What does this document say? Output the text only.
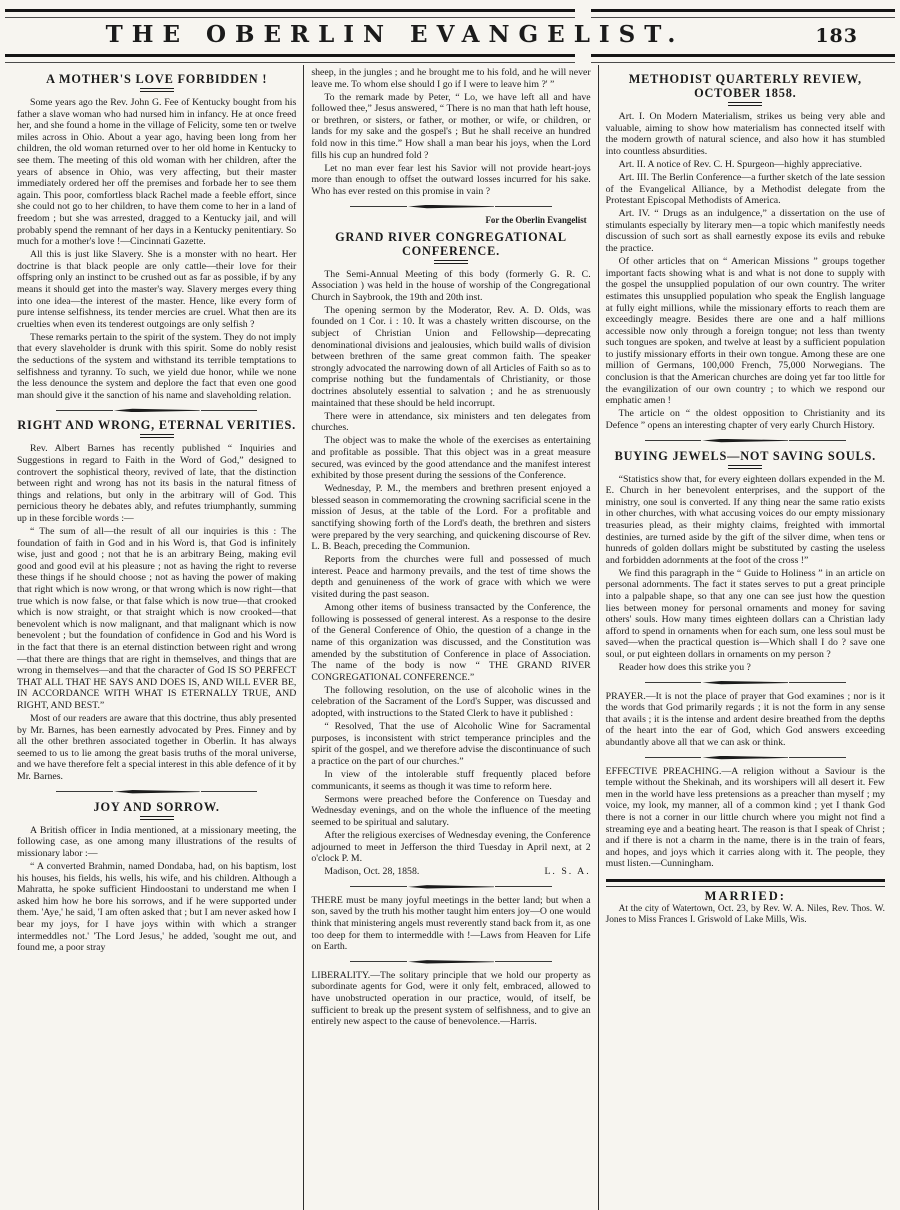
THE OBERLIN EVANGELIST.	183
A MOTHER'S LOVE FORBIDDEN !

Some years ago the Rev. John G. Fee of Kentucky bought from his father a slave woman who had nursed him in infancy. He at once freed her, and she found a home in the village of Felicity, some ten or twelve miles across in Ohio. About a year ago, having been long from her children, the old woman returned over to her old home in Kentucky to see them. The meeting of this old woman with her children, after the years of absence in Ohio, was very affecting, but their master immediately ordered her off the premises and forbade her to see them again. This poor, comfortless black Rachel made a feeble effort, since she could not go to her children, to have them come to her in a land of freedom ; but she was arrested, dragged to a Kentucky jail, and will probably spend the remnant of her days in a Kentucky penitentiary. So much for a mother's love !—Cincinnati Gazette.

All this is just like Slavery. She is a monster with no heart. Her doctrine is that black people are only cattle—their love for their offspring only an instinct to be crushed out as far as possible, if by any means it should get into the master's way. Slavery merges every thing into one idea—the interest of the master. Hence, like every form of pure intense selfishness, its tender mercies are cruel. What then are its cruelties when even its tenderest outgoings are only selfish ?

These remarks pertain to the spirit of the system. They do not imply that every slaveholder is drunk with this spirit. Some do nobly resist the seductions of the system and withstand its terrible temptations to selfishness and tyranny. To such, we yield due honor, while we none the less denounce the system and deplore the fact that even one good man should give it the sanction of his name and slaveholding relation.

RIGHT AND WRONG, ETERNAL VERITIES.

Rev. Albert Barnes has recently published “ Inquiries and Suggestions in regard to Faith in the Word of God,” designed to controvert the sophistical theory, revived of late, that the distinction between right and wrong has not its basis in the natural fitness of things and relations, but only in the arbitrary will of God. This pernicious theory he debates ably, and refutes triumphantly, summing up in these forcible words :—

“ The sum of all—the result of all our inquiries is this : The foundation of faith in God and in his Word is, that God is infinitely wise, just and good ; not that he is an arbitrary Being, making evil good and good evil at his pleasure ; not as having the right to reverse these things if he should choose ; not as having the power of making that right which is now wrong, or that wrong which is now right—that true which is now false, or that false which is now true—that crooked which is now straight, or that straight which is now crooked—that benevolent which is now malignant, and that malignant which is now benevolent ; but the foundation of confidence in God and his Word is in the fact that there is an eternal distinction between right and wrong—that there are things that are right in themselves, and things that are wrong in themselves—and that the character of God IS SO PERFECT THAT ALL THAT HE SAYS AND DOES IS, AND WILL EVER BE, IN ACCORDANCE WITH WHAT IS ETERNALLY TRUE, AND RIGHT, AND BEST.”

Most of our readers are aware that this doctrine, thus ably presented by Mr. Barnes, has been earnestly advocated by Pres. Finney and by all the other brethren associated together in Oberlin. It has always seemed to us to lie among the great basis truths of the moral universe, and we have therefore felt a special interest in this able defence of it by Mr. Barnes.

JOY AND SORROW.

A British officer in India mentioned, at a missionary meeting, the following case, as one among many illustrations of the results of missionary labor :—

“ A converted Brahmin, named Dondaba, had, on his baptism, lost his houses, his fields, his wells, his wife, and his children. Although a Mahratta, he spoke sufficient Hindoostani to understand me when I asked him how he bore his sorrows, and if he were supported under them. 'Aye,' he said, 'I am often asked that ; but I am never asked how I bear my joys, for I have joys within with which a stranger intermeddles not.' 'The Lord Jesus,' he added, 'sought me out, and found me, a poor stray

sheep, in the jungles ; and he brought me to his fold, and he will never leave me. To whom else should I go if I were to leave him ?' ”

To the remark made by Peter, “ Lo, we have left all and have followed thee,” Jesus answered, “ There is no man that hath left house, or brethren, or sisters, or father, or mother, or wife, or children, or lands for my sake and the gospel's ; But he shall receive an hundred fold now in this time.” How shall a man bear his joys, when the Lord fills his cup an hundred fold ?

Let no man ever fear lest his Savior will not provide heart-joys more than enough to offset the outward losses incurred for his sake. Who has ever rested on this promise in vain ?

For the Oberlin Evangelist

GRAND RIVER CONGREGATIONAL CONFERENCE.

The Semi-Annual Meeting of this body (formerly G. R. C. Association ) was held in the house of worship of the Congregational Church in Saybrook, the 19th and 20th inst.

The opening sermon by the Moderator, Rev. A. D. Olds, was founded on 1 Cor. i : 10. It was a chastely written discourse, on the subject of Christian Union and Fellowship—deprecating denominational divisions and jealousies, which build walls of division between brethren of the same great common faith. The speaker strongly advocated the narrowing down of all Articles of Faith so as to comprise nothing but the fundamentals of Christianity, or those doctrines absolutely essential to salvation ; and he as strenuously maintained that these should be held incorrupt.

There were in attendance, six ministers and ten delegates from churches.

The object was to make the whole of the exercises as entertaining and profitable as possible. That this object was in a great measure secured, was evinced by the good attendance and the manifest interest exhibited by those present during the sessions of the Conference.

Wednesday, P. M., the members and brethren present enjoyed a blessed season in commemorating the crowning sacrificial scene in the mission of Jesus, at the table of the Lord. For a profitable and sanctifying showing forth of the Lord's death, the brethren and sisters were prepared by the very searching, and quickening discourse of Rev. L. B. Beach, preceding the Communion.

Reports from the churches were full and possessed of much interest. Peace and harmony prevails, and the test of time shows the depth and genuineness of the work of grace with which we were visited during the past season.

Among other items of business transacted by the Conference, the following is possessed of general interest. As a response to the desire of the General Conference of Ohio, the question of a change in the name of this organization was discussed, and the Constitution was amended by the substitution of Conference in place of Association. The name of the body is now “ THE GRAND RIVER CONGREGATIONAL CONFERENCE.”

The following resolution, on the use of alcoholic wines in the celebration of the Sacrament of the Lord's Supper, was discussed and adopted, with instructions to the Stated Clerk to have it published :

“ Resolved, That the use of Alcoholic Wine for Sacramental purposes, is inconsistent with strict temperance principles and the spirit of the gospel, and we therefore advise the discontinuance of such a practice on the part of our churches.”

In view of the intolerable stuff frequently placed before communicants, it seems as though it was time to reform here.

Sermons were preached before the Conference on Tuesday and Wednesday evenings, and on the whole the influence of the meeting seemed to be spiritual and salutary.

After the religious exercises of Wednesday evening, the Conference adjourned to meet in Jefferson the third Tuesday in April next, at 2 o'clock P. M.

Madison, Oct. 28, 1858.	L. S. A.

THERE must be many joyful meetings in the better land; but when a son, saved by the truth his mother taught him enters joy—O one would think that ministering angels must reverently stand back from it, as one too deep for them to intermeddle with !—Laws from Heaven for Life on Earth.

LIBERALITY.—The solitary principle that we hold our property as subordinate agents for God, were it only felt, embraced, allowed to have unobstructed operation in our practice, would, of itself, be sufficient to break up the present system of selfishness, and to give an entirely new aspect to the cause of benevolence.—Harris.

METHODIST QUARTERLY REVIEW, OCTOBER 1858.

Art. I. On Modern Materialism, strikes us being very able and valuable, aiming to show how materialism has connected itself with the modern growth of natural science, and also how it has stumbled into countless absurdities.

Art. II. A notice of Rev. C. H. Spurgeon—highly appreciative.

Art. III. The Berlin Conference—a further sketch of the late session of the Evangelical Alliance, by a Methodist delegate from the Protestant Episcopal Methodists of America.

Art. IV. “ Drugs as an indulgence,” a dissertation on the use of stimulants especially by literary men—a topic which manifestly needs discussion of such sort as shall earnestly expose its evils and rebuke the practice.

Of other articles that on “ American Missions ” groups together important facts showing what is and what is not done to supply with the gospel the unsupplied population of our own country. The writer estimates this unsupplied population who speak the English language at fully eight millions, while the missionary efforts to reach them are exceedingly meagre. Besides there are one and a half millions accessible now only through a foreign tongue; not less than twenty such tongues are spoken, and twelve at least by a sufficient population to justify missionary efforts in their own tongue. Among these are one million of Germans, 100,000 French, 75,000 Norwegians. The conclusion is that the American churches are doing yet far too little for the evangilization of our own country ; to which we respond our emphatic amen !

The article on “ the oldest opposition to Christianity and its Defence ” opens an interesting chapter of very early Church History.

BUYING JEWELS—NOT SAVING SOULS.

“Statistics show that, for every eighteen dollars expended in the M. E. Church in her benevolent enterprises, and the support of the ministry, one soul is converted. If any thing near the same ratio exists in other churches, with what accusing voices do our empty missionary treasuries plead, as their mighty claims, freighted with immortal destinies, are turned aside by the gift of the silver dime, when tens or hunreds of golden dollars might be substituted by casting the useless and forbidden adornments at the foot of the cross !”

We find this paragraph in the “ Guide to Holiness ” in an article on personal adornments. The fact it states serves to put a great principle into a palpable shape, so that any one can see just how the question lies between money for personal ornaments and money for saving others' souls. How many times eighteen dollars can a Christian lady afford to spend in ornaments when for each sum, one less soul must be saved—when the practical question is—Which shall I do ? save one soul, or put eighteen dollars in ornaments on my person ?

Reader how does this strike you ?

PRAYER.—It is not the place of prayer that God examines ; nor is it the words that God primarily regards ; it is not the form in any sense that avails ; it is the intense and ardent desire breathed from the depths of the heart into the ear of God, which God answers exceeding abundantly above all that we can ask or think.

EFFECTIVE PREACHING.—A religion without a Saviour is the temple without the Shekinah, and its worshipers will all desert it. Few men in the world have less pretensions as a preacher than myself ; my voice, my look, my manner, all of a common kind ; yet I thank God there is not a corner in our little church where you might not find a streaming eye and a beating heart. The reason is that I speak of Christ ; and if there is not a charm in the name, there is in the train of fears, and hopes, and joys which it carries along with it. The people, they must listen.—Cunningham.

MARRIED:

At the city of Watertown, Oct. 23, by Rev. W. A. Niles, Rev. Thos. W. Jones to Miss Frances I. Griswold of Lake Mills, Wis.
